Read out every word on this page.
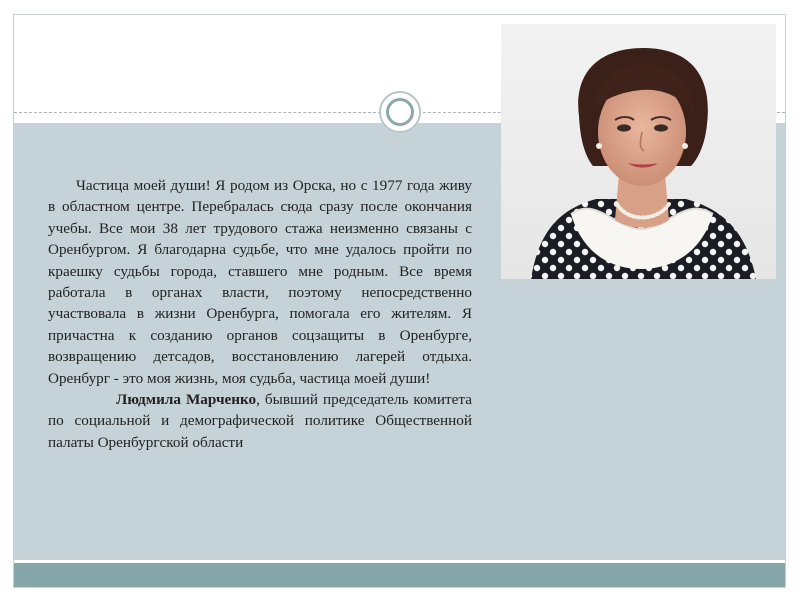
Частица моей души! Я родом из Орска, но с 1977 года живу в областном центре. Перебралась сюда сразу после окончания учебы. Все мои 38 лет трудового стажа неизменно связаны с Оренбургом. Я благодарна судьбе, что мне удалось пройти по краешку судьбы города, ставшего мне родным. Все время работала в органах власти, поэтому непосредственно участвовала в жизни Оренбурга, помогала его жителям. Я причастна к созданию органов соцзащиты в Оренбурге, возвращению детсадов, восстановлению лагерей отдыха. Оренбург - это моя жизнь, моя судьба, частица моей души!

Людмила Марченко, бывший председатель комитета по социальной и демографической политике Общественной палаты Оренбургской области
